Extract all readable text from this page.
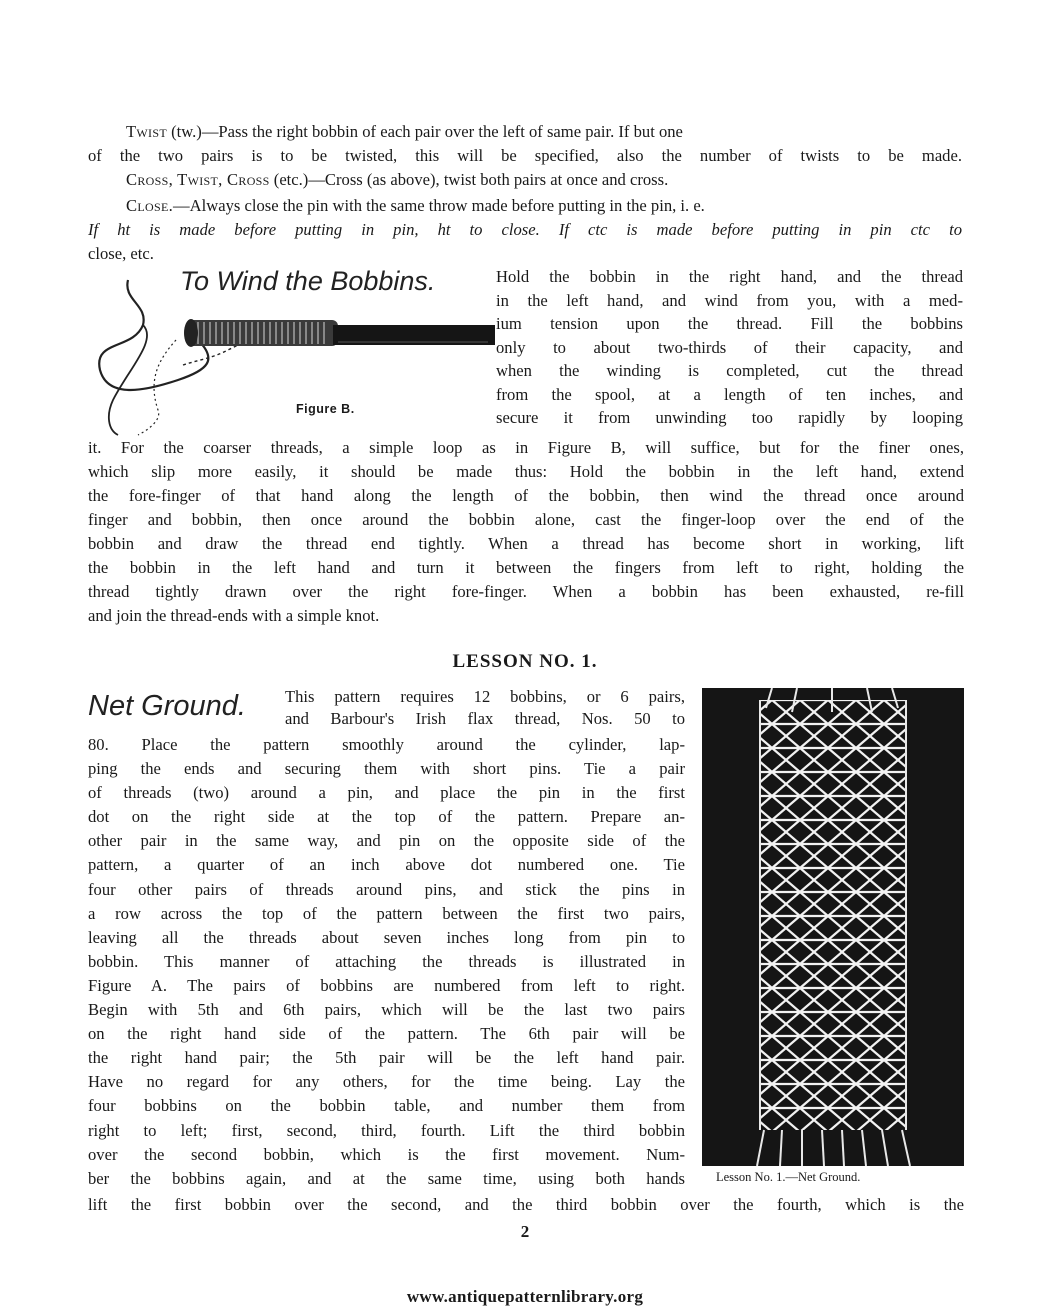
Twist (tw.)—Pass the right bobbin of each pair over the left of same pair. If but one

of the two pairs is to be twisted, this will be specified, also the number of twists to be made.

Cross, Twist, Cross (etc.)—Cross (as above), twist both pairs at once and cross.

Close.—Always close the pin with the same throw made before putting in the pin, i. e.

If ht is made before putting in pin, ht to close. If ctc is made before putting in pin ctc to

close, etc.

To Wind the Bobbins.

Figure B.

Hold the bobbin in the right hand, and the thread
in the left hand, and wind from you, with a med-
ium tension upon the thread. Fill the bobbins
only to about two-thirds of their capacity, and
when the winding is completed, cut the thread
from the spool, at a length of ten inches, and
secure it from unwinding too rapidly by looping
it. For the coarser threads, a simple loop as in Figure B, will suffice, but for the finer ones,
which slip more easily, it should be made thus: Hold the bobbin in the left hand, extend
the fore-finger of that hand along the length of the bobbin, then wind the thread once around
finger and bobbin, then once around the bobbin alone, cast the finger-loop over the end of the
bobbin and draw the thread end tightly. When a thread has become short in working, lift
the bobbin in the left hand and turn it between the fingers from left to right, holding the
thread tightly drawn over the right fore-finger. When a bobbin has been exhausted, re-fill
and join the thread-ends with a simple knot.

LESSON NO. 1.

Net Ground. This pattern requires 12 bobbins, or 6 pairs,
and Barbour's Irish flax thread, Nos. 50 to
80. Place the pattern smoothly around the cylinder, lap-
ping the ends and securing them with short pins. Tie a pair
of threads (two) around a pin, and place the pin in the first
dot on the right side at the top of the pattern. Prepare an-
other pair in the same way, and pin on the opposite side of the
pattern, a quarter of an inch above dot numbered one. Tie
four other pairs of threads around pins, and stick the pins in
a row across the top of the pattern between the first two pairs,
leaving all the threads about seven inches long from pin to
bobbin. This manner of attaching the threads is illustrated in
Figure A. The pairs of bobbins are numbered from left to right.
Begin with 5th and 6th pairs, which will be the last two pairs
on the right hand side of the pattern. The 6th pair will be
the right hand pair; the 5th pair will be the left hand pair.
Have no regard for any others, for the time being. Lay the
four bobbins on the bobbin table, and number them from
right to left; first, second, third, fourth. Lift the third bobbin
over the second bobbin, which is the first movement. Num-
ber the bobbins again, and at the same time, using both hands Lesson No. 1.—Net Ground.

lift the first bobbin over the second, and the third bobbin over the fourth, which is the

2

www.antiquepatternlibrary.org
